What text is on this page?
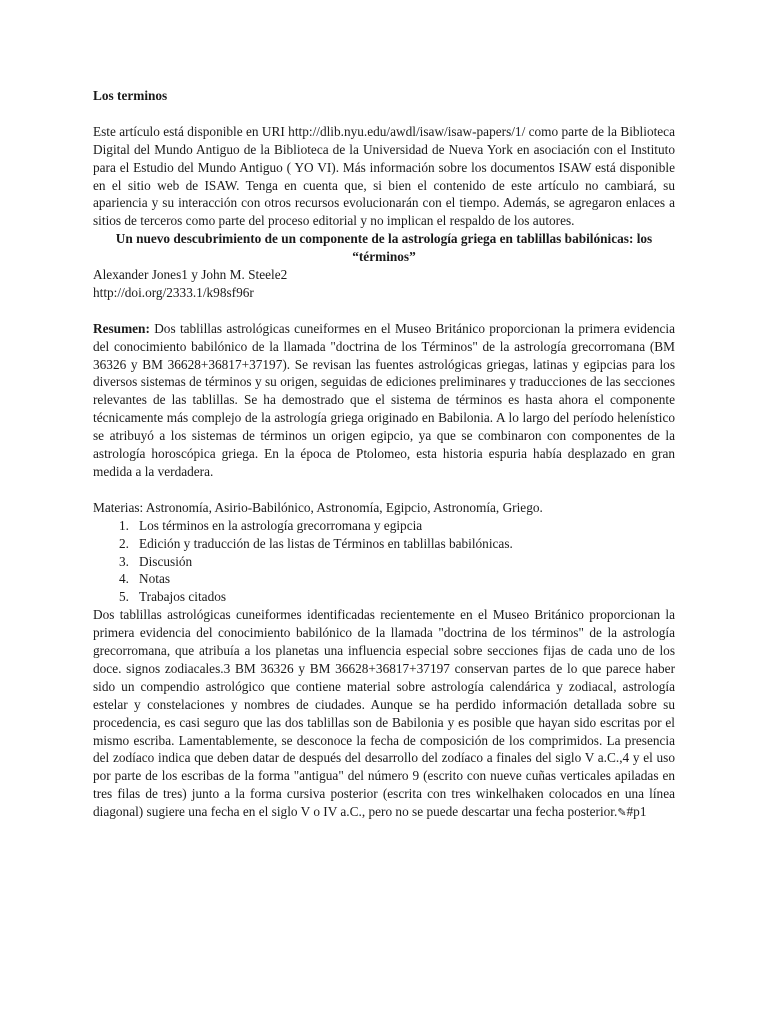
Los terminos

Este artículo está disponible en URI http://dlib.nyu.edu/awdl/isaw/isaw-papers/1/ como parte de la Biblioteca Digital del Mundo Antiguo de la Biblioteca de la Universidad de Nueva York en asociación con el Instituto para el Estudio del Mundo Antiguo ( YO VI). Más información sobre los documentos ISAW está disponible en el sitio web de ISAW. Tenga en cuenta que, si bien el contenido de este artículo no cambiará, su apariencia y su interacción con otros recursos evolucionarán con el tiempo. Además, se agregaron enlaces a sitios de terceros como parte del proceso editorial y no implican el respaldo de los autores.

Un nuevo descubrimiento de un componente de la astrología griega en tablillas babilónicas: los “términos”

Alexander Jones1 y John M. Steele2

http://doi.org/2333.1/k98sf96r

Resumen: Dos tablillas astrológicas cuneiformes en el Museo Británico proporcionan la primera evidencia del conocimiento babilónico de la llamada "doctrina de los Términos" de la astrología grecorromana (BM 36326 y BM 36628+36817+37197). Se revisan las fuentes astrológicas griegas, latinas y egipcias para los diversos sistemas de términos y su origen, seguidas de ediciones preliminares y traducciones de las secciones relevantes de las tablillas. Se ha demostrado que el sistema de términos es hasta ahora el componente técnicamente más complejo de la astrología griega originado en Babilonia. A lo largo del período helenístico se atribuyó a los sistemas de términos un origen egipcio, ya que se combinaron con componentes de la astrología horoscópica griega. En la época de Ptolomeo, esta historia espuria había desplazado en gran medida a la verdadera.

Materias: Astronomía, Asirio-Babilónico, Astronomía, Egipcio, Astronomía, Griego.

1. Los términos en la astrología grecorromana y egipcia
2. Edición y traducción de las listas de Términos en tablillas babilónicas.
3. Discusión
4. Notas
5. Trabajos citados

Dos tablillas astrológicas cuneiformes identificadas recientemente en el Museo Británico proporcionan la primera evidencia del conocimiento babilónico de la llamada "doctrina de los términos" de la astrología grecorromana, que atribuía a los planetas una influencia especial sobre secciones fijas de cada uno de los doce. signos zodiacales.3 BM 36326 y BM 36628+36817+37197 conservan partes de lo que parece haber sido un compendio astrológico que contiene material sobre astrología calendárica y zodiacal, astrología estelar y constelaciones y nombres de ciudades. Aunque se ha perdido información detallada sobre su procedencia, es casi seguro que las dos tablillas son de Babilonia y es posible que hayan sido escritas por el mismo escriba. Lamentablemente, se desconoce la fecha de composición de los comprimidos. La presencia del zodíaco indica que deben datar de después del desarrollo del zodíaco a finales del siglo V a.C.,4 y el uso por parte de los escribas de la forma "antigua" del número 9 (escrito con nueve cuñas verticales apiladas en tres filas de tres) junto a la forma cursiva posterior (escrita con tres winkelhaken colocados en una línea diagonal) sugiere una fecha en el siglo V o IV a.C., pero no se puede descartar una fecha posterior.✎#p1
